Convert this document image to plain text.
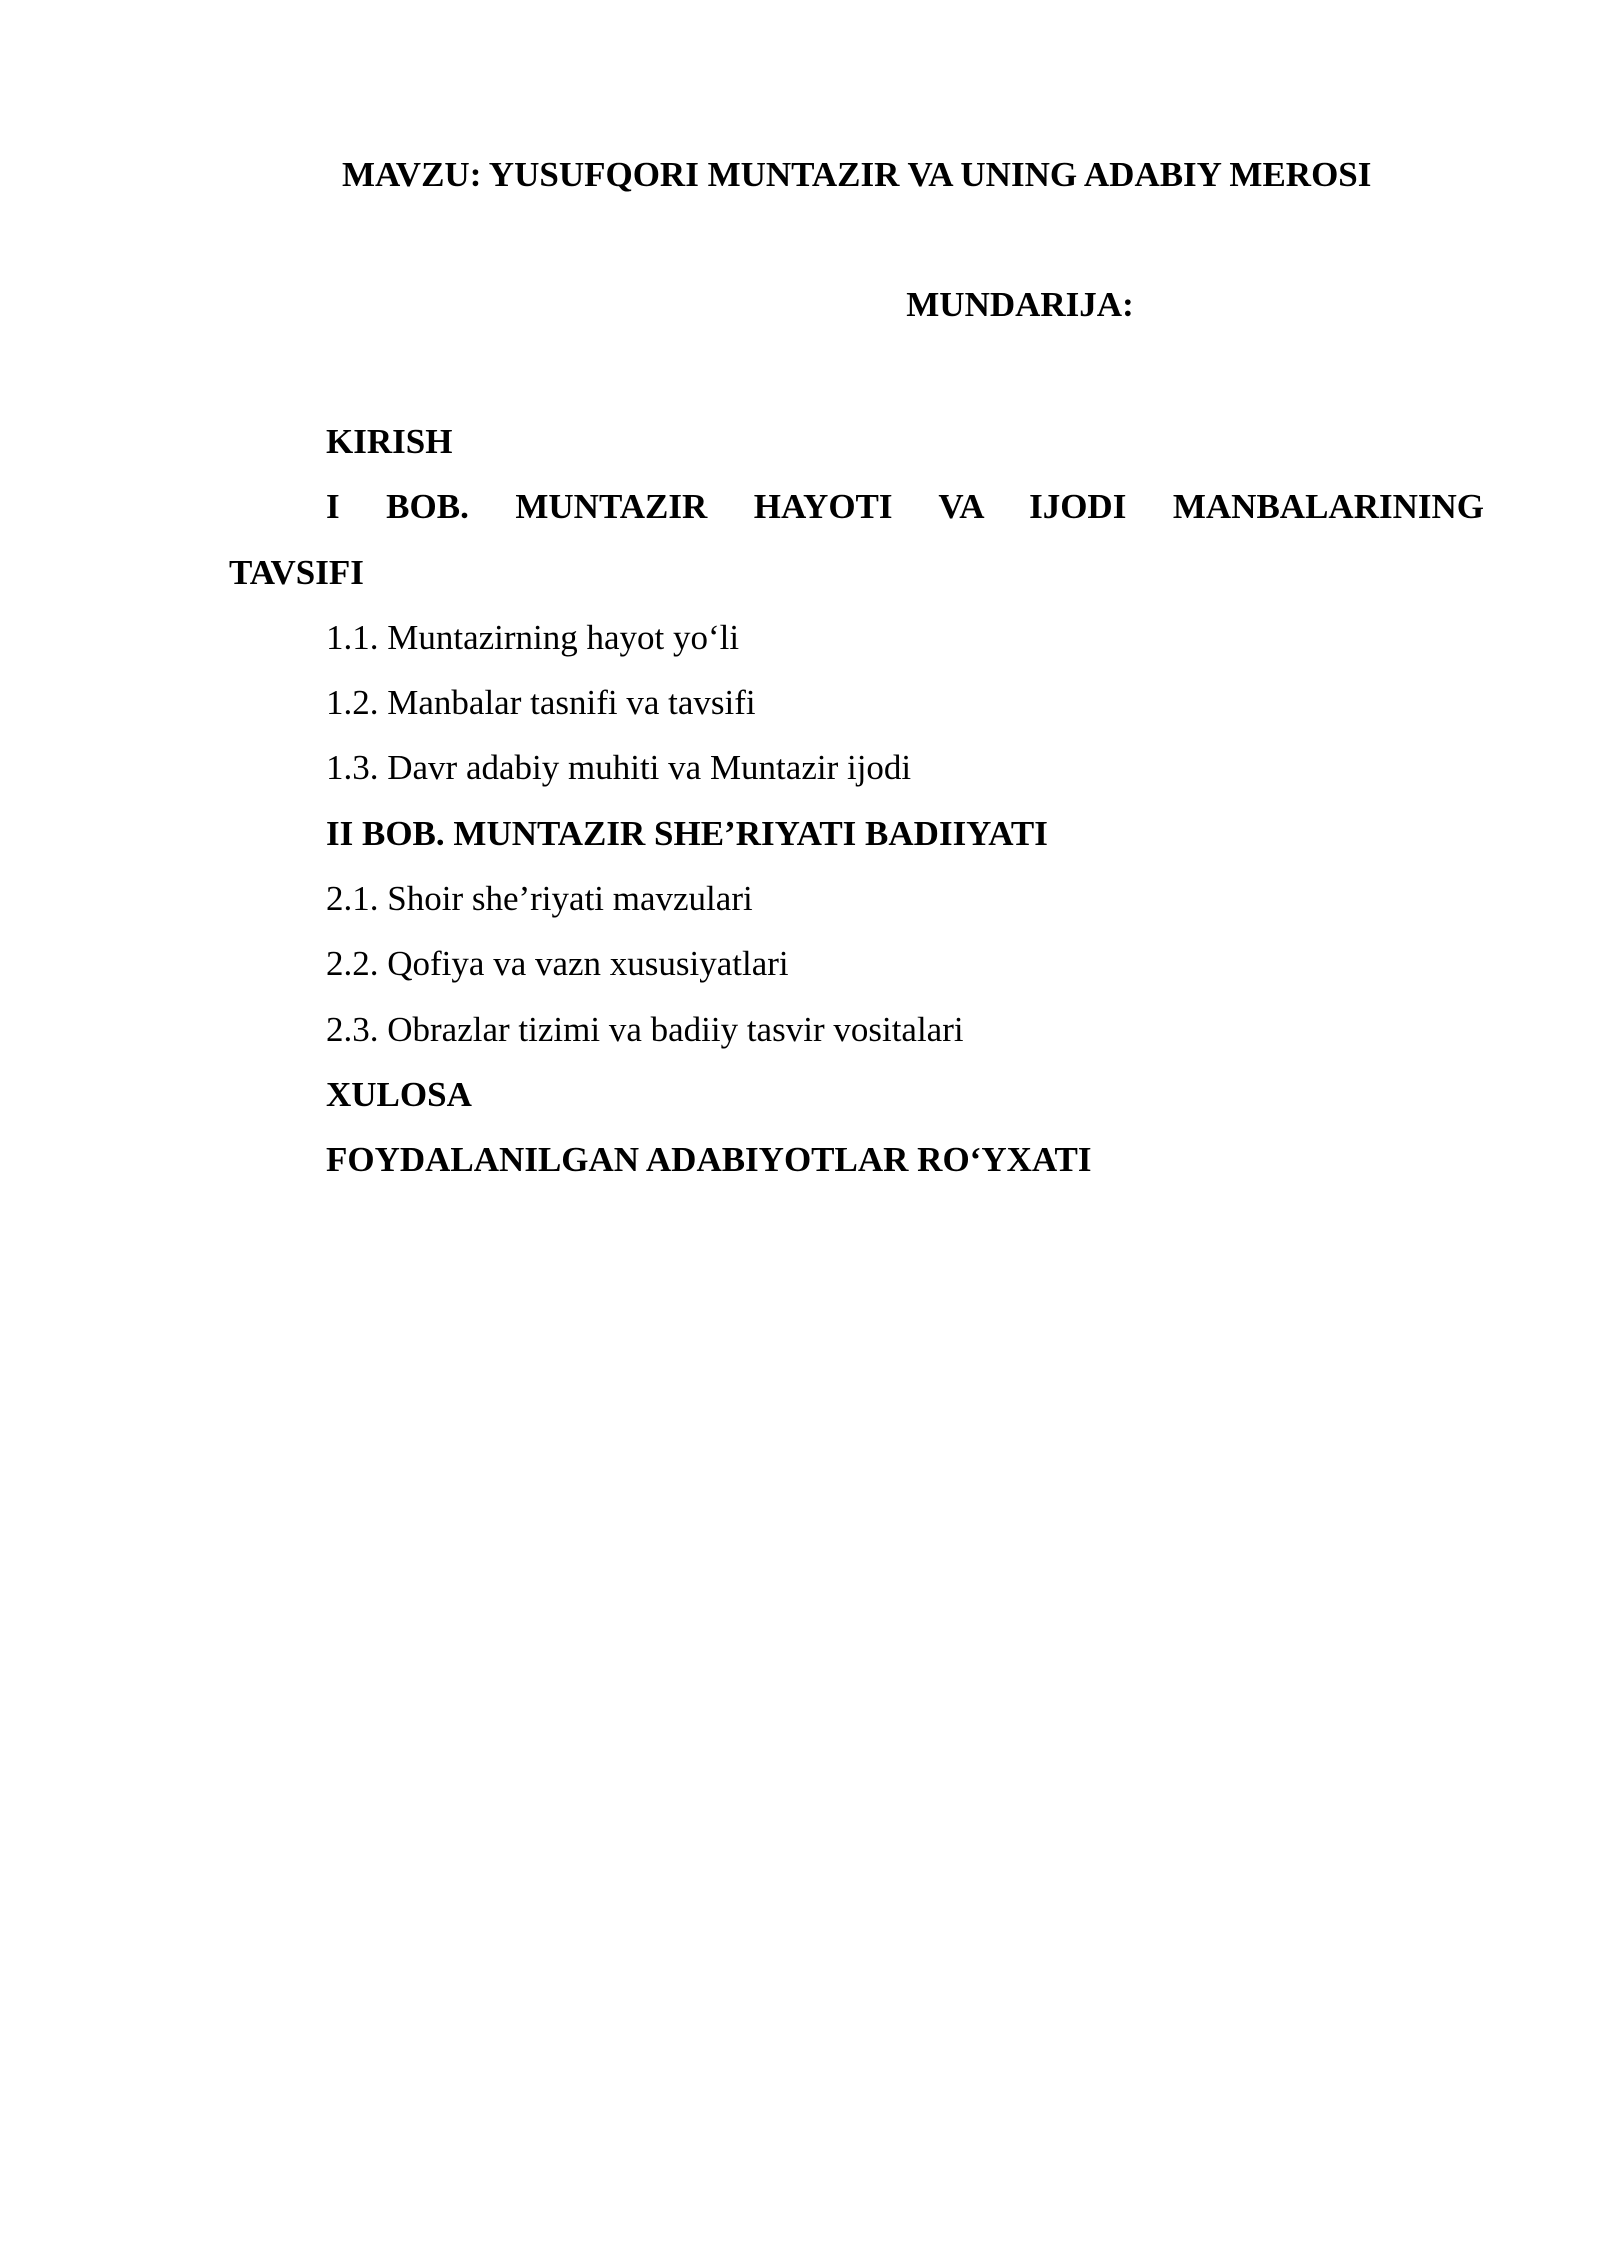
MAVZU: YUSUFQORI MUNTAZIR VA UNING ADABIY MEROSI
MUNDARIJA:
KIRISH
I BOB. MUNTAZIR HAYOTI VA IJODI MANBALARINING
TAVSIFI
1.1. Muntazirning hayot yo‘li
1.2. Manbalar tasnifi va tavsifi
1.3. Davr adabiy muhiti va Muntazir ijodi
II BOB. MUNTAZIR SHE’RIYATI BADIIYATI
2.1. Shoir she’riyati mavzulari
2.2. Qofiya va vazn xususiyatlari
2.3. Obrazlar tizimi va badiiy tasvir vositalari
XULOSA
FOYDALANILGAN ADABIYOTLAR RO‘YXATI
